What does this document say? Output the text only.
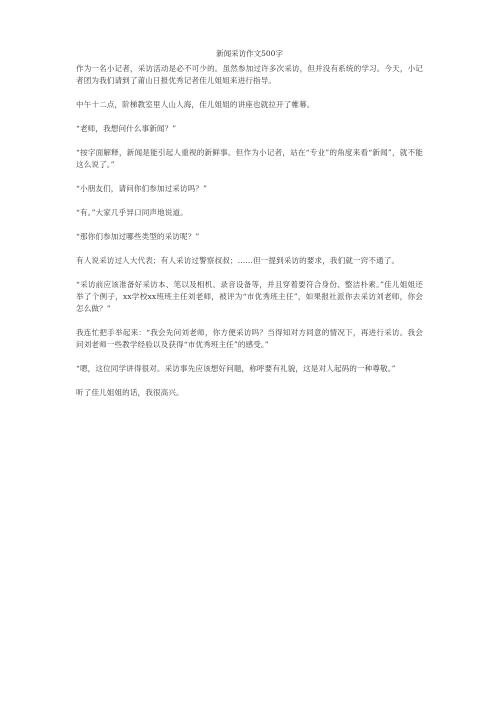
新闻采访作文500字

作为一名小记者，采访活动是必不可少的。虽然参加过许多次采访，但并没有系统的学习。今天，小记者团为我们请到了莆山日报优秀记者佳儿姐姐来进行指导。

中午十二点，阶梯教室里人山人海，佳儿姐姐的讲座也就拉开了帷幕。

“老师，我想问什么事新闻？”

“按字面解释，新闻是能引起人重视的新鲜事。但作为小记者，站在“专业”的角度来看“新闻”，就不能这么说了。”

“小朋友们，请问你们参加过采访吗？”

“有。”大家几乎异口同声地说道。

“那你们参加过哪些类型的采访呢？”

有人说采访过人大代表；有人采访过警察叔叔；……但一提到采访的要求，我们就一窍不通了。

“采访前应该准备好采访本、笔以及相机、录音设备等，并且穿着要符合身份、整洁朴素。”佳儿姐姐还举了个例子，xx学校xx班班主任刘老师，被评为“市优秀班主任”，如果报社派你去采访刘老师，你会怎么做？”

我连忙把手举起来：“我会先问刘老师，你方便采访吗？当得知对方同意的情况下，再进行采访。我会问刘老师一些教学经验以及获得“市优秀班主任”的感受。”

“嗯，这位同学讲得很对。采访事先应该想好问题，称呼要有礼貌，这是对人起码的一种尊敬。”

听了佳儿姐姐的话，我很高兴。
